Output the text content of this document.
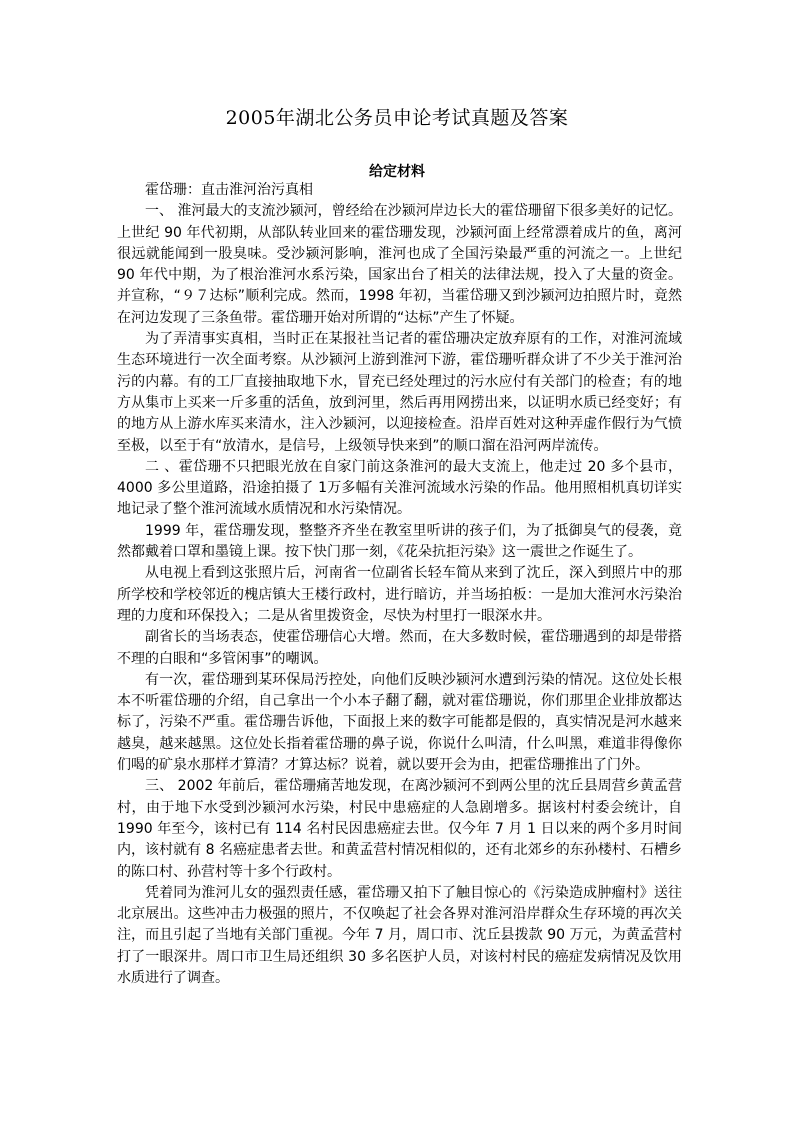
2005年湖北公务员申论考试真题及答案
给定材料

霍岱珊：直击淮河治污真相

一、 淮河最大的支流沙颍河，曾经给在沙颍河岸边长大的霍岱珊留下很多美好的记忆。上世纪 90 年代初期，从部队转业回来的霍岱珊发现，沙颍河面上经常漂着成片的鱼，离河很远就能闻到一股臭味。受沙颍河影响，淮河也成了全国污染最严重的河流之一。上世纪 90 年代中期，为了根治淮河水系污染，国家出台了相关的法律法规，投入了大量的资金。并宣称，“９７达标”顺利完成。然而，1998 年初，当霍岱珊又到沙颍河边拍照片时，竟然在河边发现了三条鱼带。霍岱珊开始对所谓的“达标”产生了怀疑。

为了弄清事实真相，当时正在某报社当记者的霍岱珊决定放弃原有的工作，对淮河流域生态环境进行一次全面考察。从沙颍河上游到淮河下游，霍岱珊听群众讲了不少关于淮河治污的内幕。有的工厂直接抽取地下水，冒充已经处理过的污水应付有关部门的检查；有的地方从集市上买来一斤多重的活鱼，放到河里，然后再用网捞出来，以证明水质已经变好；有的地方从上游水库买来清水，注入沙颍河，以迎接检查。沿岸百姓对这种弄虚作假行为气愤至极，以至于有“放清水，是信号，上级领导快来到”的顺口溜在沿河两岸流传。

二 、霍岱珊不只把眼光放在自家门前这条淮河的最大支流上，他走过 20 多个县市，4000 多公里道路，沿途拍摄了 1万多幅有关淮河流域水污染的作品。他用照相机真切详实地记录了整个淮河流域水质情况和水污染情况。

1999 年，霍岱珊发现，整整齐齐坐在教室里听讲的孩子们，为了抵御臭气的侵袭，竟然都戴着口罩和墨镜上课。按下快门那一刻，《花朵抗拒污染》这一震世之作诞生了。

从电视上看到这张照片后，河南省一位副省长轻车简从来到了沈丘，深入到照片中的那所学校和学校邻近的槐店镇大王楼行政村，进行暗访，并当场拍板：一是加大淮河水污染治理的力度和环保投入；二是从省里拨资金，尽快为村里打一眼深水井。

副省长的当场表态，使霍岱珊信心大增。然而，在大多数时候，霍岱珊遇到的却是带搭不理的白眼和“多管闲事”的嘲讽。

有一次，霍岱珊到某环保局汚控处，向他们反映沙颍河水遭到污染的情况。这位处长根本不听霍岱珊的介绍，自己拿出一个小本子翻了翻，就对霍岱珊说，你们那里企业排放都达标了，污染不严重。霍岱珊告诉他，下面报上来的数字可能都是假的，真实情况是河水越来越臭，越来越黑。这位处长指着霍岱珊的鼻子说，你说什么叫清，什么叫黑，难道非得像你们喝的矿泉水那样才算清？才算达标？说着，就以要开会为由，把霍岱珊推出了门外。

三、 2002 年前后，霍岱珊痛苦地发现，在离沙颍河不到两公里的沈丘县周营乡黄孟营村，由于地下水受到沙颍河水污染，村民中患癌症的人急剧增多。据该村村委会统计，自 1990 年至今，该村已有 114 名村民因患癌症去世。仅今年 7 月 1 日以来的两个多月时间内，该村就有 8 名癌症患者去世。和黄孟营村情况相似的，还有北郊乡的东孙楼村、石槽乡的陈口村、孙营村等十多个行政村。

凭着同为淮河儿女的强烈责任感，霍岱珊又拍下了触目惊心的《污染造成肿瘤村》送往北京展出。这些冲击力极强的照片，不仅唤起了社会各界对淮河沿岸群众生存环境的再次关注，而且引起了当地有关部门重视。今年 7 月，周口市、沈丘县拨款 90 万元，为黄孟营村打了一眼深井。周口市卫生局还组织 30 多名医护人员，对该村村民的癌症发病情况及饮用水质进行了调查。
